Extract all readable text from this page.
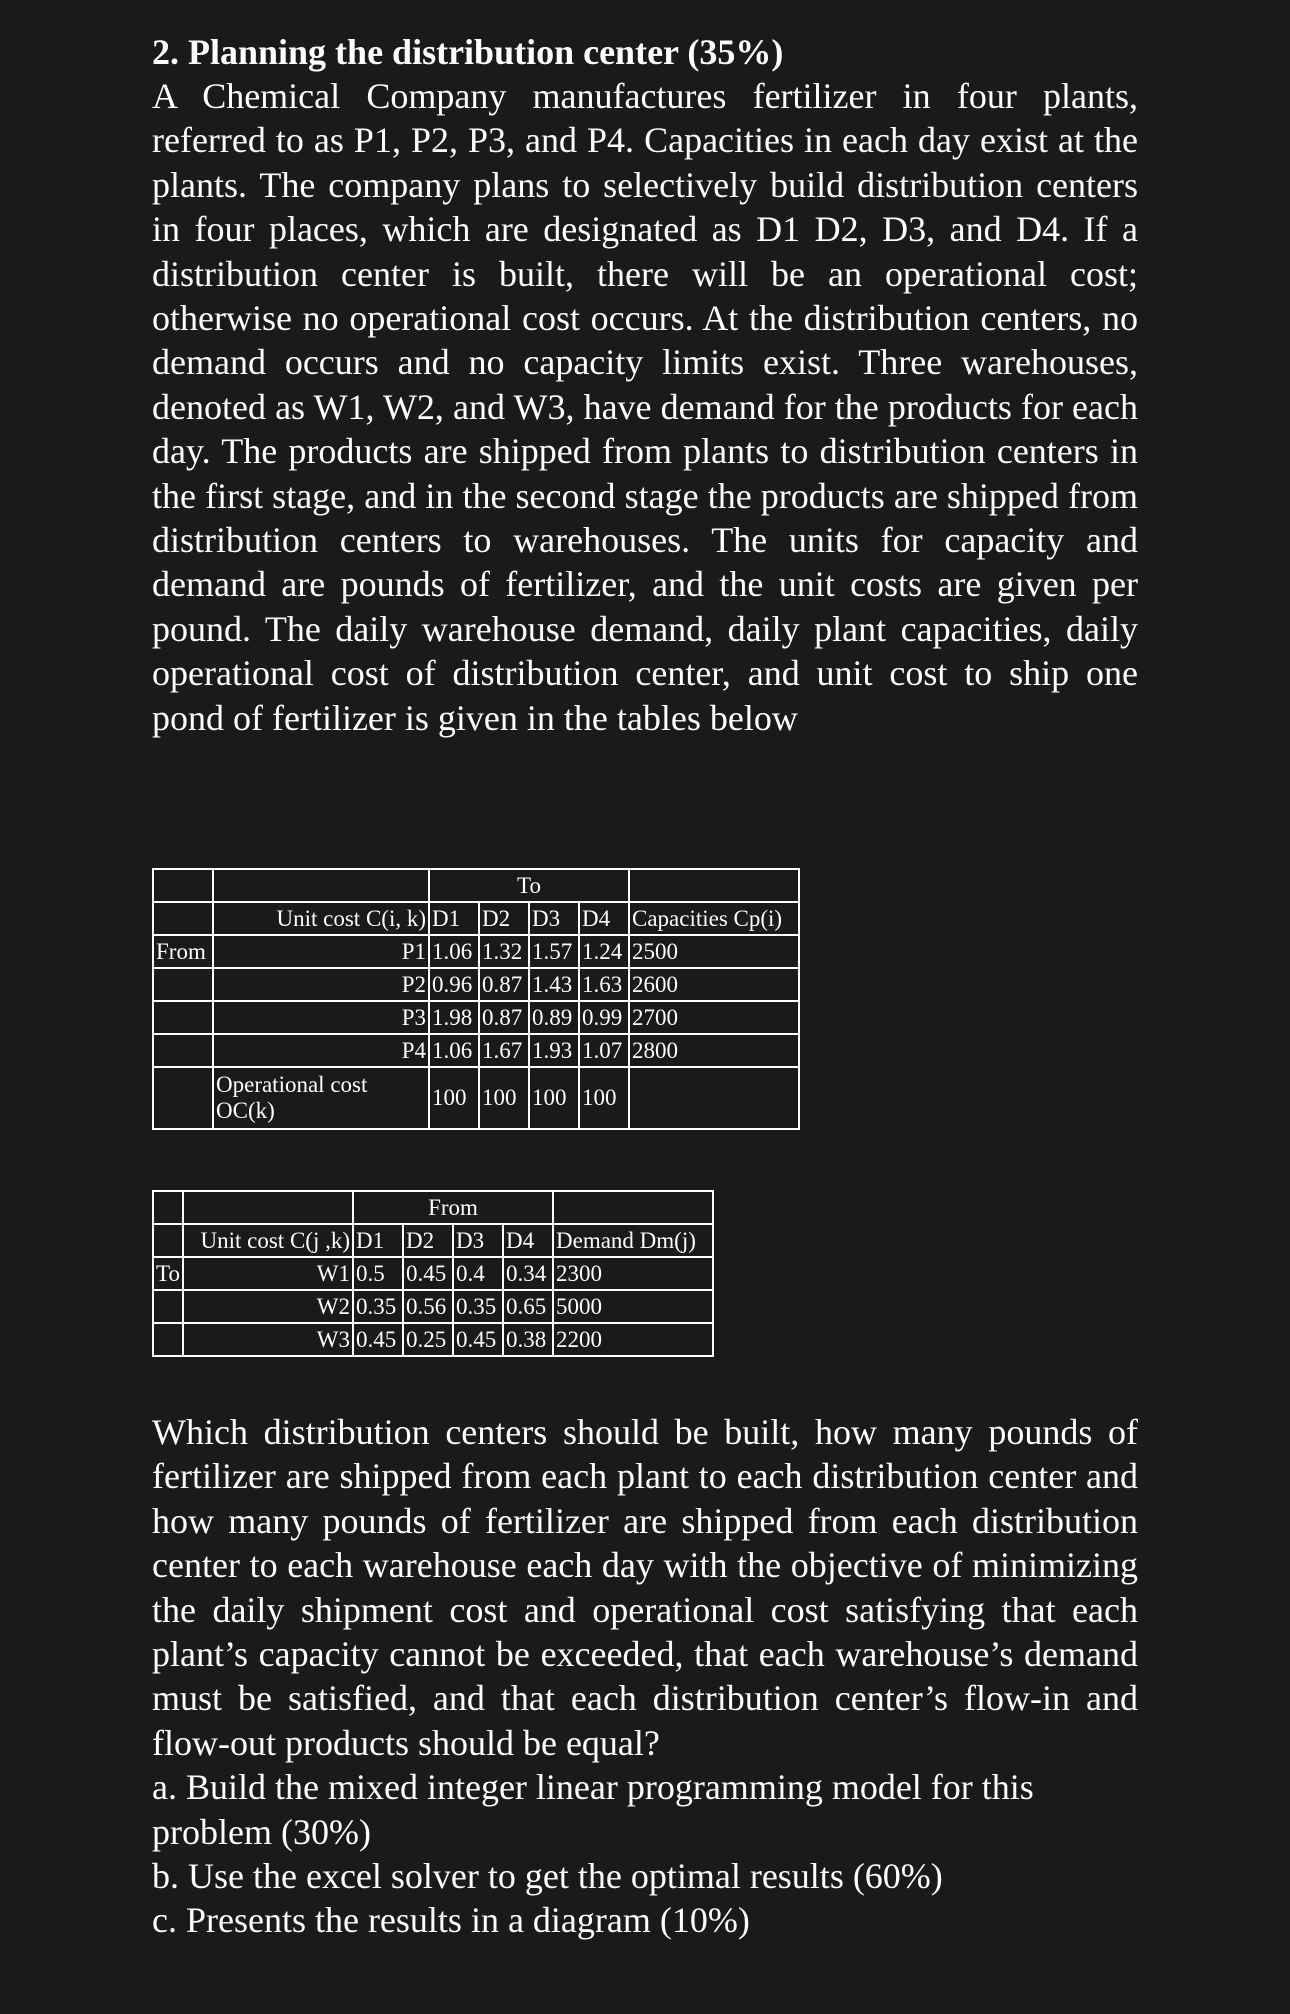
2. Planning the distribution center (35%)

A Chemical Company manufactures fertilizer in four plants, referred to as P1, P2, P3, and P4. Capacities in each day exist at the plants. The company plans to selectively build distribution centers in four places, which are designated as D1 D2, D3, and D4. If a distribution center is built, there will be an operational cost; otherwise no operational cost occurs. At the distribution centers, no demand occurs and no capacity limits exist. Three warehouses, denoted as W1, W2, and W3, have demand for the products for each day. The products are shipped from plants to distribution centers in the first stage, and in the second stage the products are shipped from distribution centers to warehouses. The units for capacity and demand are pounds of fertilizer, and the unit costs are given per pound. The daily warehouse demand, daily plant capacities, daily operational cost of distribution center, and unit cost to ship one pond of fertilizer is given in the tables below

		To				
	Unit cost C(i, k)	D1	D2	D3	D4	Capacities Cp(i)
From	P1	1.06	1.32	1.57	1.24	2500
	P2	0.96	0.87	1.43	1.63	2600
	P3	1.98	0.87	0.89	0.99	2700
	P4	1.06	1.67	1.93	1.07	2800
	Operational cost
OC(k)	100	100	100	100	
		From				
	Unit cost C(j ,k)	D1	D2	D3	D4	Demand Dm(j)
To	W1	0.5	0.45	0.4	0.34	2300
	W2	0.35	0.56	0.35	0.65	5000
	W3	0.45	0.25	0.45	0.38	2200

Which distribution centers should be built, how many pounds of fertilizer are shipped from each plant to each distribution center and how many pounds of fertilizer are shipped from each distribution center to each warehouse each day with the objective of minimizing the daily shipment cost and operational cost satisfying that each plant’s capacity cannot be exceeded, that each warehouse’s demand must be satisfied, and that each distribution center’s flow-in and flow-out products should be equal?

a. Build the mixed integer linear programming model for this problem (30%)

b. Use the excel solver to get the optimal results (60%)

c. Presents the results in a diagram (10%)
